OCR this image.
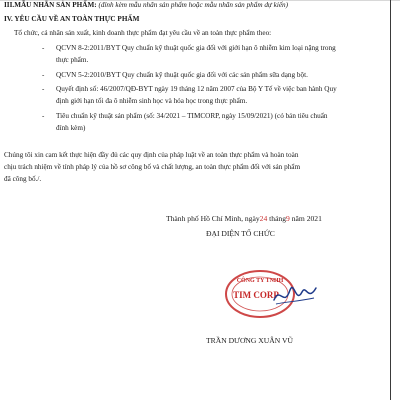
III.MẪU NHÃN SẢN PHẨM: (đính kèm mẫu nhãn sản phẩm hoặc mẫu nhãn sản phẩm dự kiến)
IV. YÊU CẦU VỀ AN TOÀN THỰC PHẨM
Tổ chức, cá nhân sản xuất, kinh doanh thực phẩm đạt yêu cầu về an toàn thực phẩm theo:
- QCVN 8-2:2011/BYT Quy chuẩn kỹ thuật quốc gia đối với giới hạn ô nhiễm kim loại nặng trong
thực phẩm.
- QCVN 5-2:2010/BYT Quy chuẩn kỹ thuật quốc gia đối với các sản phẩm sữa dạng bột.
- Quyết định số: 46/2007/QĐ-BYT ngày 19 tháng 12 năm 2007 của Bộ Y Tế về việc ban hành Quy
định giới hạn tối đa ô nhiễm sinh học và hóa học trong thực phẩm.
- Tiêu chuẩn kỹ thuật sản phẩm (số: 34/2021 – TIMCORP, ngày 15/09/2021) (có bản tiêu chuẩn
đính kèm)
Chúng tôi xin cam kết thực hiện đầy đủ các quy định của pháp luật về an toàn thực phẩm và hoàn toàn
chịu trách nhiệm về tính pháp lý của hồ sơ công bố và chất lượng, an toàn thực phẩm đối với sản phẩm
đã công bố./.
Thành phố Hồ Chí Minh, ngày24 tháng9 năm 2021
ĐẠI DIỆN TỔ CHỨC
CÔNG TY TNHH
TIM CORP
TRẦN DƯƠNG XUÂN VŨ
